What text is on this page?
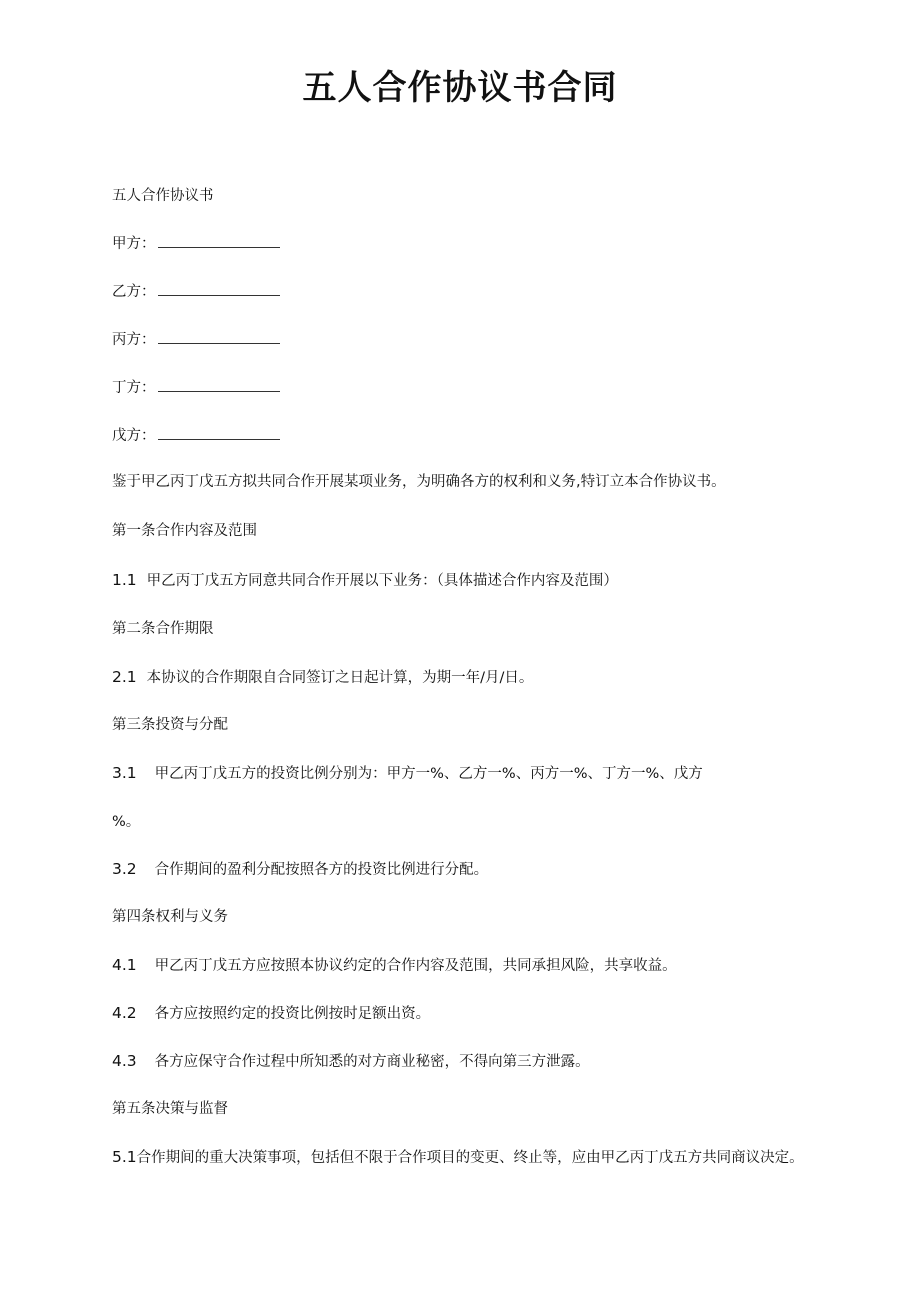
五人合作协议书合同

五人合作协议书

甲方：

乙方：

丙方：

丁方：

戊方：

鉴于甲乙丙丁戊五方拟共同合作开展某项业务，为明确各方的权利和义务,特订立本合作协议书。

第一条合作内容及范围

1.1 甲乙丙丁戊五方同意共同合作开展以下业务：（具体描述合作内容及范围）

第二条合作期限

2.1 本协议的合作期限自合同签订之日起计算，为期一年/月/日。

第三条投资与分配

3.1 甲乙丙丁戊五方的投资比例分别为：甲方一%、乙方一%、丙方一%、丁方一%、戊方

%。

3.2 合作期间的盈利分配按照各方的投资比例进行分配。

第四条权利与义务

4.1 甲乙丙丁戊五方应按照本协议约定的合作内容及范围，共同承担风险，共享收益。

4.2 各方应按照约定的投资比例按时足额出资。

4.3 各方应保守合作过程中所知悉的对方商业秘密，不得向第三方泄露。

第五条决策与监督

5.1合作期间的重大决策事项，包括但不限于合作项目的变更、终止等，应由甲乙丙丁戊五方共同商议决定。
